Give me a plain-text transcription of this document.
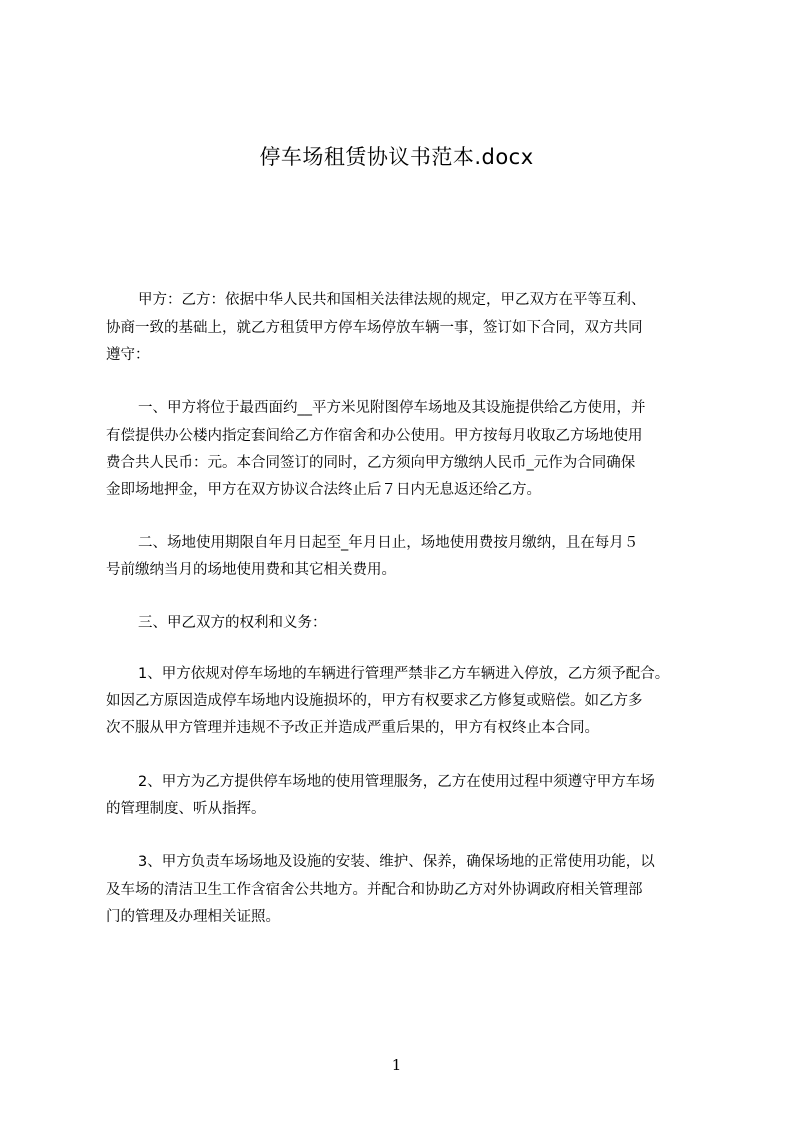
停车场租赁协议书范本.docx
甲方：乙方：依据中华人民共和国相关法律法规的规定，甲乙双方在平等互利、
协商一致的基础上，就乙方租赁甲方停车场停放车辆一事，签订如下合同，双方共同
遵守：
一、甲方将位于最西面约__平方米见附图停车场地及其设施提供给乙方使用，并
有偿提供办公楼内指定套间给乙方作宿舍和办公使用。甲方按每月收取乙方场地使用
费合共人民币：元。本合同签订的同时，乙方须向甲方缴纳人民币_元作为合同确保
金即场地押金，甲方在双方协议合法终止后７日内无息返还给乙方。
二、场地使用期限自年月日起至_年月日止，场地使用费按月缴纳，且在每月５
号前缴纳当月的场地使用费和其它相关费用。
三、甲乙双方的权利和义务：
1、甲方依规对停车场地的车辆进行管理严禁非乙方车辆进入停放，乙方须予配合。
如因乙方原因造成停车场地内设施损坏的，甲方有权要求乙方修复或赔偿。如乙方多
次不服从甲方管理并违规不予改正并造成严重后果的，甲方有权终止本合同。
2、甲方为乙方提供停车场地的使用管理服务，乙方在使用过程中须遵守甲方车场
的管理制度、听从指挥。
3、甲方负责车场场地及设施的安装、维护、保养，确保场地的正常使用功能，以
及车场的清洁卫生工作含宿舍公共地方。并配合和协助乙方对外协调政府相关管理部
门的管理及办理相关证照。
1
